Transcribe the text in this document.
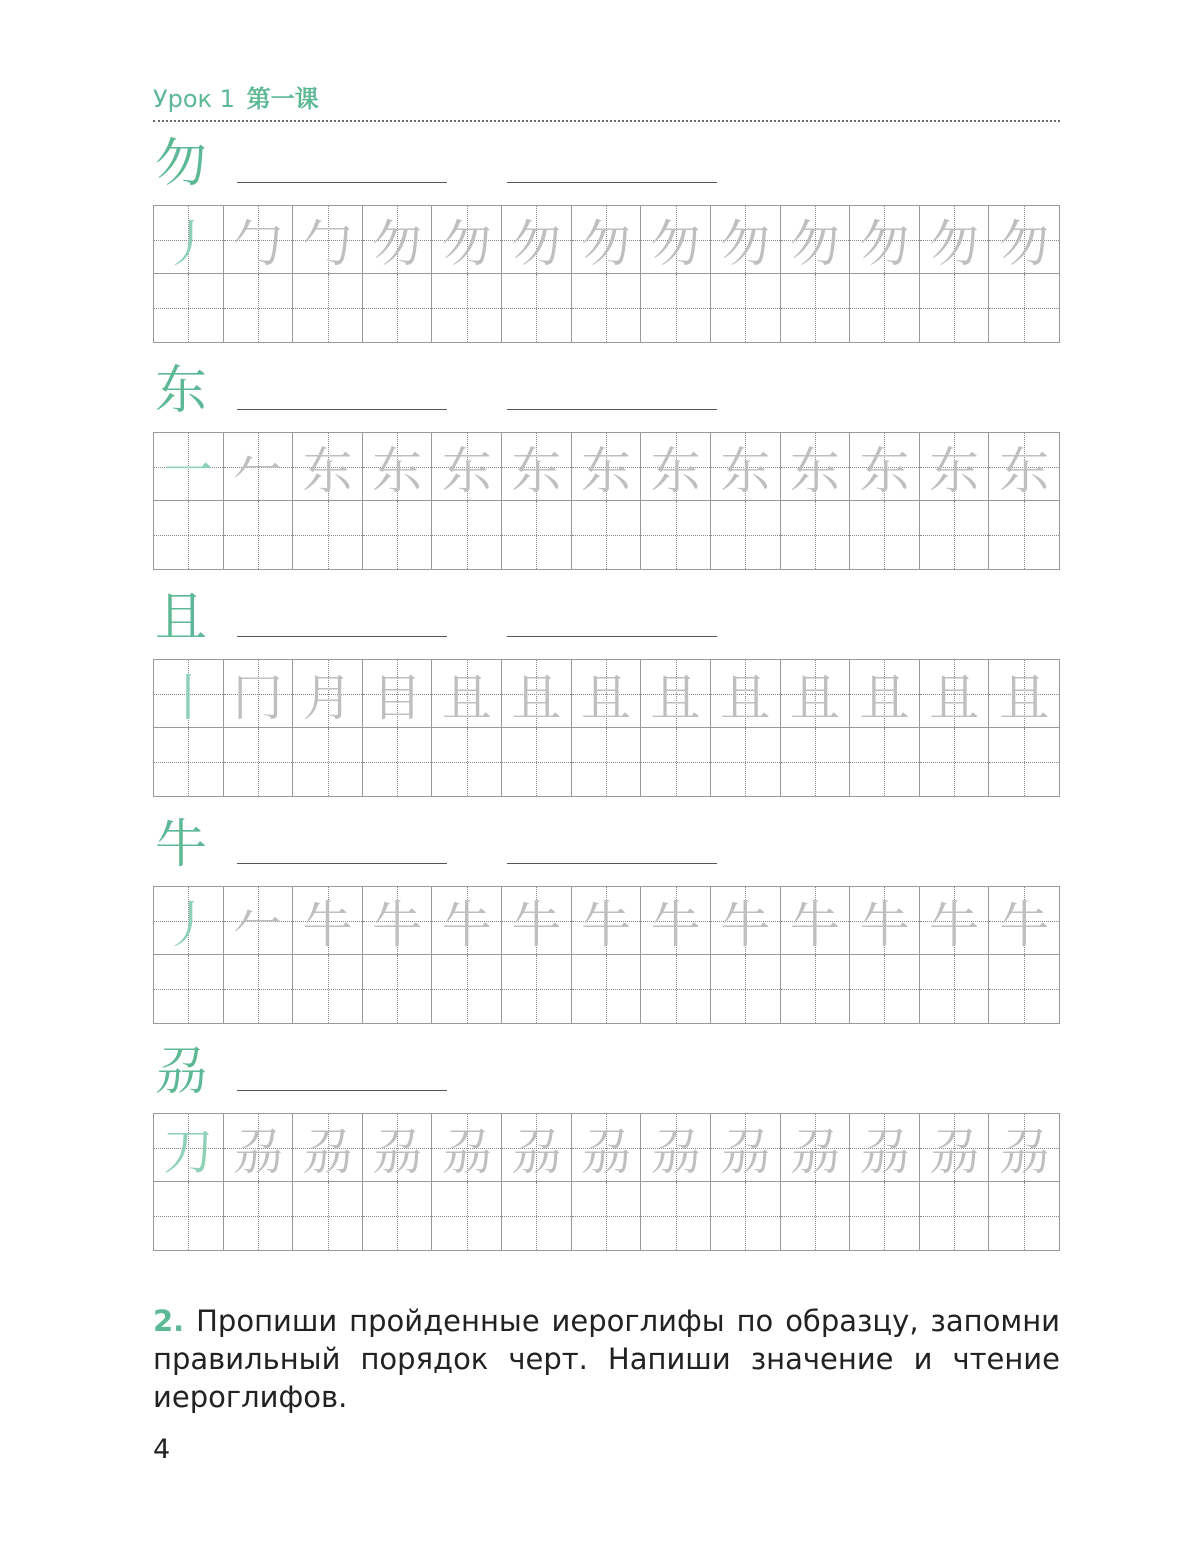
Урок 1 第一课
勿
丿 勹 勹 勿 勿 勿 勿 勿 勿 勿 勿 勿 勿
东
一 𠂉 东 东 东 东 东 东 东 东 东 东 东
且
丨 冂 月 目 且 且 且 且 且 且 且 且 且
牛
丿 𠂉 牛 牛 牛 牛 牛 牛 牛 牛 牛 牛 牛
刕
刀 刕 刕 刕 刕 刕 刕 刕 刕 刕 刕 刕 刕
2. Пропиши пройденные иероглифы по образцу, запомни правильный порядок черт. Напиши значение и чтение иероглифов.
4
